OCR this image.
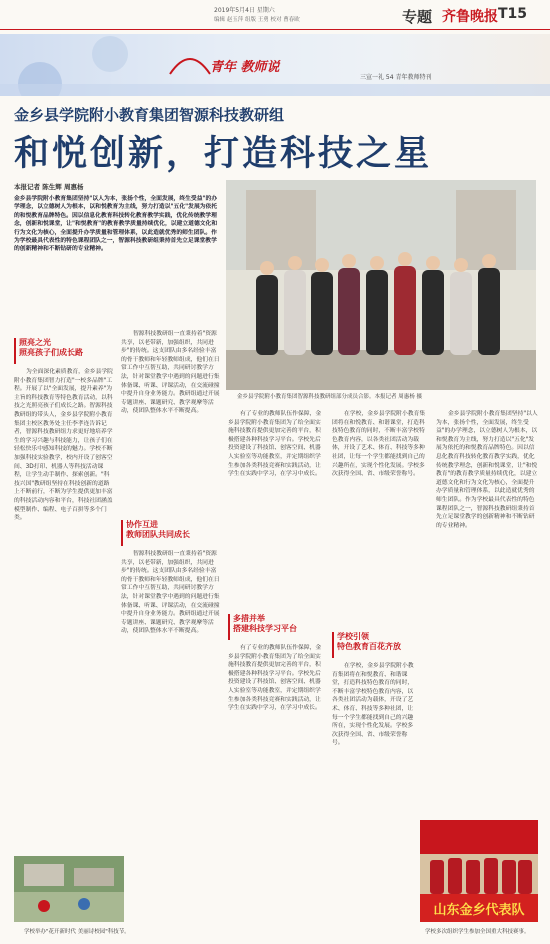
2019年5月4日 星期六
编辑 赵玉萍 组版 王勇 校对 曹春欧	专题 齐鲁晚报 T15
青年 教师说
三宣一礼 54 青年教师特刊
金乡县学院附小教育集团智源科技教研组
和悦创新，打造科技之星
本报记者 陈生辉 周惠杨
金乡县学院附小教育集团坚持"以人为本，张扬个性，全面发展，终生受益"的办学理念，以立德树人为根本，以和悦教育为主线，努力打造以"五化"发展为依托的和悦教育品牌特色。因以信息化教育科技转化教育教学实践，优化传统教学理念，创新和悦课堂，让"和悦教育"的教育教学质量持续优化，以建立道德文化和行为文化为核心，全面提升办学质量和管理体系，以此造就优秀的师生团队。作为学校最具代表性的特色课程团队之一，智源科技教研组秉持首先立足课堂教学的创新精神和不断钻研的专业精神。
金乡县学院附小教育集团智源科技教研组部分成员合影。本报记者 周惠杨 摄
照亮之光
照亮孩子们成长路
为全面深化素质教育，金乡县学院附小教育集团智力打造"一校多品牌"工程。开展了以"全面发展，提升素养"为主旨的科技教育等特色教育活动，以科技之光照亮孩子们成长之路。智源科技教研组的带头人，金乡县学院附小教育集团主校区教务处主任李孝连告诉记者，智源科技教研组力求更好地培养学生的学习兴趣与科技能力，让孩子们在轻松快乐中感知科技的魅力。学校不断加强科技实验教学，校内开设了创客空间、3D打印、机器人等科技活动课程，让学生动手制作、探索创新。"科技兴国"教研组坚持在科技创新的道路上不断前行，不断为学生提供更加丰富的科技活动内容和平台，科技社团涵盖模型制作、编程、电子百拼等多个门类。
智源科技教研组一直秉持着"资源共享，以老带新，加强组织，共同进步"的传统。这支团队由多名经验丰富的骨干教师和年轻教师组成，他们在日常工作中互帮互助，共同研讨教学方法，针对课堂教学中遇到的问题进行集体备课、听课、评课活动，在交流碰撞中提升自身业务能力。教研组通过开展专题讲座、课题研究、教学观摩等活动，使团队整体水平不断提高。
协作互进
教师团队共同成长
智源科技教研组一直秉持着"资源共享，以老带新，加强组织，共同进步"的传统。这支团队由多名经验丰富的骨干教师和年轻教师组成，他们在日常工作中互帮互助，共同研讨教学方法，针对课堂教学中遇到的问题进行集体备课、听课、评课活动，在交流碰撞中提升自身业务能力。教研组通过开展专题讲座、课题研究、教学观摩等活动，使团队整体水平不断提高。
有了专业的教师队伍作保障，金乡县学院附小教育集团为了给全面实施科技教育提供更加完善的平台，积极搭建各种科技学习平台。学校先后投资建设了科技馆、创客空间、机器人实验室等功能教室，并定期组织学生参加各类科技竞赛和实践活动，让学生在实践中学习，在学习中成长。
多措并举
搭建科技学习平台
有了专业的教师队伍作保障，金乡县学院附小教育集团为了给全面实施科技教育提供更加完善的平台，积极搭建各种科技学习平台。学校先后投资建设了科技馆、创客空间、机器人实验室等功能教室，并定期组织学生参加各类科技竞赛和实践活动，让学生在实践中学习，在学习中成长。
在学校，金乡县学院附小教育集团将在和悦教育、和谐课堂，打造科技特色教育的同时，不断丰富学校特色教育内容，以各类社团活动为载体，开设了艺术、体育、科技等多种社团，让每一个学生都能找到自己的兴趣所在，实现个性化发展。学校多次获得全国、省、市级荣誉称号。
学校引领
特色教育百花齐放
在学校，金乡县学院附小教育集团将在和悦教育、和谐课堂，打造科技特色教育的同时，不断丰富学校特色教育内容，以各类社团活动为载体，开设了艺术、体育、科技等多种社团，让每一个学生都能找到自己的兴趣所在，实现个性化发展。学校多次获得全国、省、市级荣誉称号。
金乡县学院附小教育集团坚持"以人为本，张扬个性，全面发展，终生受益"的办学理念，以立德树人为根本，以和悦教育为主线，努力打造以"五化"发展为依托的和悦教育品牌特色。因以信息化教育科技转化教育教学实践，优化传统教学理念，创新和悦课堂，让"和悦教育"的教育教学质量持续优化，以建立道德文化和行为文化为核心，全面提升办学质量和管理体系，以此造就优秀的师生团队。作为学校最具代表性的特色课程团队之一，智源科技教研组秉持首先立足课堂教学的创新精神和不断钻研的专业精神。
学校举办"花开新时代 美丽诗校园"科技节。
山东金乡代表队
学校多次组织学生参加全国重大科技赛事。
